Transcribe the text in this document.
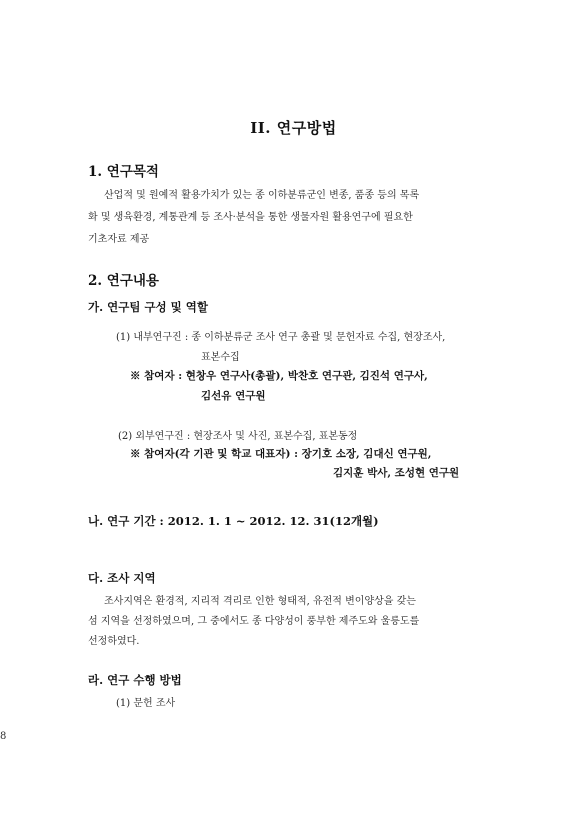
II. 연구방법
1. 연구목적
산업적 및 원예적 활용가치가 있는 종 이하분류군인 변종, 품종 등의 목록
화 및 생육환경, 계통관계 등 조사·분석을 통한 생물자원 활용연구에 필요한
기초자료 제공
2. 연구내용
가. 연구팀 구성 및 역할
(1) 내부연구진 : 종 이하분류군 조사 연구 총괄 및 문헌자료 수집, 현장조사,
표본수집
※ 참여자 : 현창우 연구사(총괄), 박찬호 연구관, 김진석 연구사,
김선유 연구원
(2) 외부연구진 : 현장조사 및 사진, 표본수집, 표본동정
※ 참여자(각 기관 및 학교 대표자) : 장기호 소장, 김대신 연구원,
김지훈 박사, 조성현 연구원
나. 연구 기간 : 2012. 1. 1 ~ 2012. 12. 31(12개월)
다. 조사 지역
조사지역은 환경적, 지리적 격리로 인한 형태적, 유전적 변이양상을 갖는
섬 지역을 선정하였으며, 그 중에서도 종 다양성이 풍부한 제주도와 울릉도를
선정하였다.
라. 연구 수행 방법
(1) 문헌 조사
8
